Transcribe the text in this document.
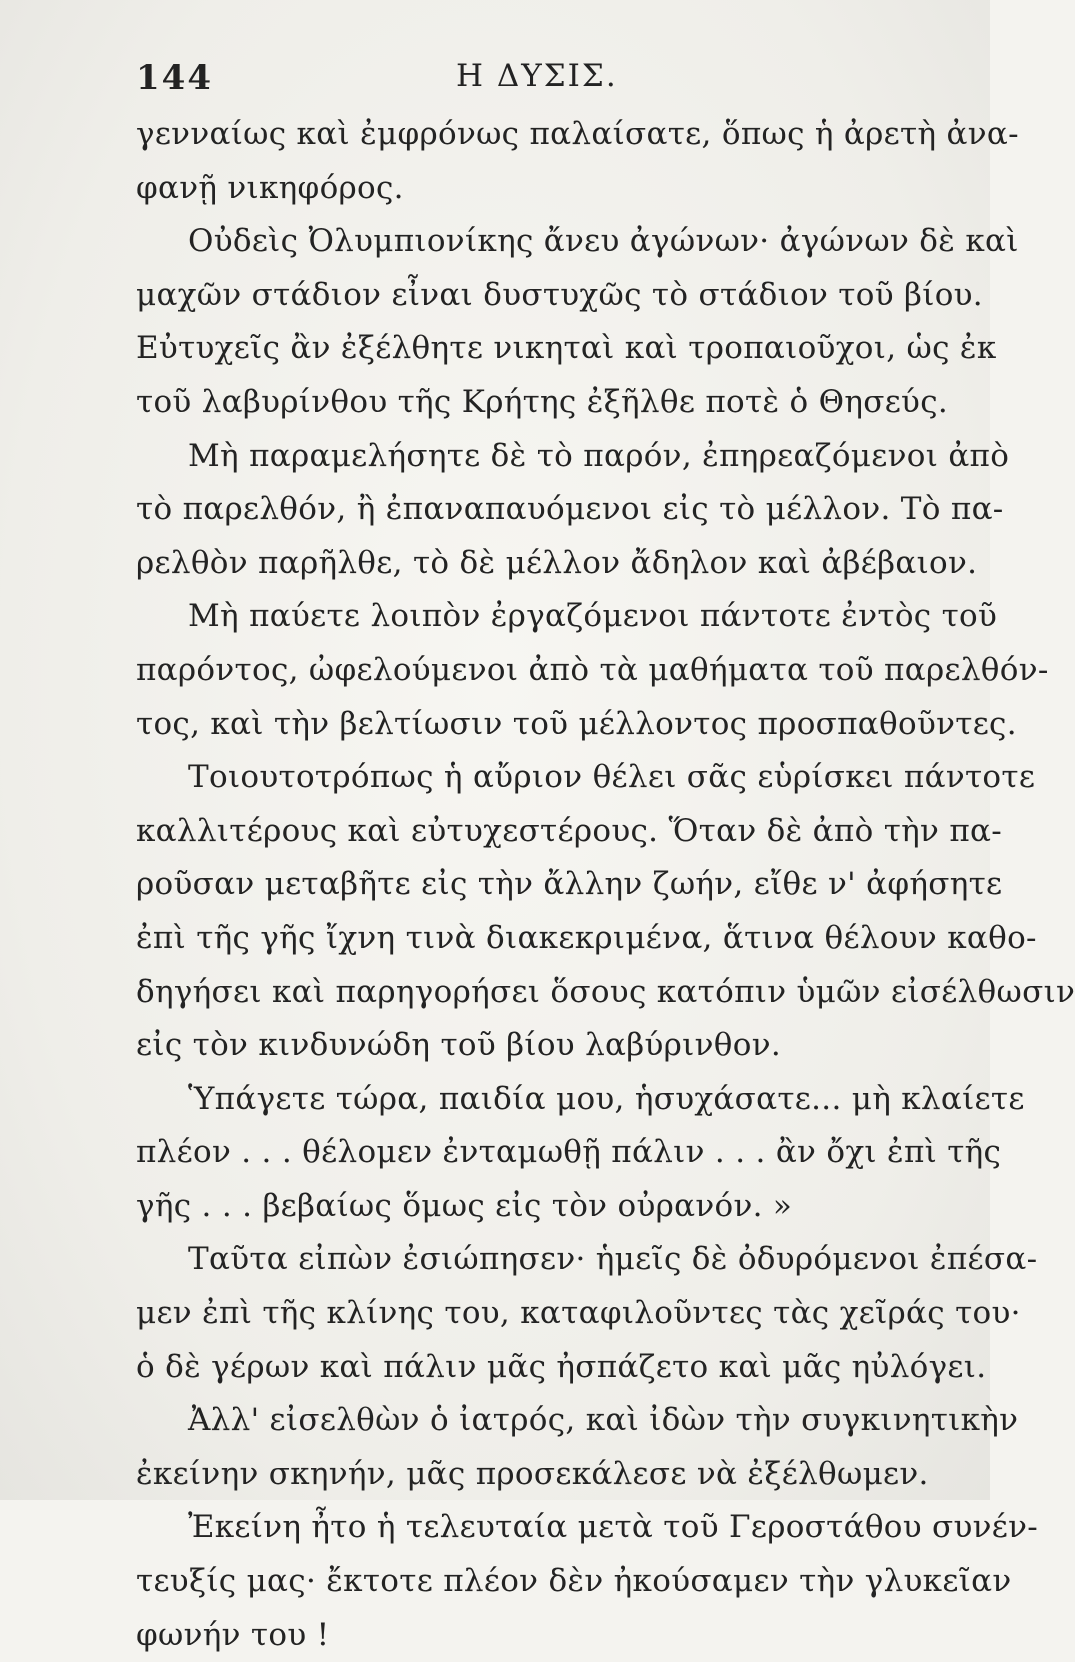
144	Η ΔΥΣΙΣ.
γενναίως καὶ ἐμφρόνως παλαίσατε, ὅπως ἡ ἀρετὴ ἀνα-
φανῇ νικηφόρος.
Οὐδεὶς Ὀλυμπιονίκης ἄνευ ἀγώνων· ἀγώνων δὲ καὶ
μαχῶν στάδιον εἶναι δυστυχῶς τὸ στάδιον τοῦ βίου.
Εὐτυχεῖς ἂν ἐξέλθητε νικηταὶ καὶ τροπαιοῦχοι, ὡς ἐκ
τοῦ λαβυρίνθου τῆς Κρήτης ἐξῆλθε ποτὲ ὁ Θησεύς.
Μὴ παραμελήσητε δὲ τὸ παρόν, ἐπηρεαζόμενοι ἀπὸ
τὸ παρελθόν, ἢ ἐπαναπαυόμενοι εἰς τὸ μέλλον. Τὸ πα-
ρελθὸν παρῆλθε, τὸ δὲ μέλλον ἄδηλον καὶ ἀβέβαιον.
Μὴ παύετε λοιπὸν ἐργαζόμενοι πάντοτε ἐντὸς τοῦ
παρόντος, ὠφελούμενοι ἀπὸ τὰ μαθήματα τοῦ παρελθόν-
τος, καὶ τὴν βελτίωσιν τοῦ μέλλοντος προσπαθοῦντες.
Τοιουτοτρόπως ἡ αὔριον θέλει σᾶς εὑρίσκει πάντοτε
καλλιτέρους καὶ εὐτυχεστέρους. Ὅταν δὲ ἀπὸ τὴν πα-
ροῦσαν μεταβῆτε εἰς τὴν ἄλλην ζωήν, εἴθε ν' ἀφήσητε
ἐπὶ τῆς γῆς ἴχνη τινὰ διακεκριμένα, ἅτινα θέλουν καθο-
δηγήσει καὶ παρηγορήσει ὅσους κατόπιν ὑμῶν εἰσέλθωσιν
εἰς τὸν κινδυνώδη τοῦ βίου λαβύρινθον.
Ὑπάγετε τώρα, παιδία μου, ἡσυχάσατε... μὴ κλαίετε
πλέον . . . θέλομεν ἐνταμωθῇ πάλιν . . . ἂν ὄχι ἐπὶ τῆς
γῆς . . . βεβαίως ὅμως εἰς τὸν οὐρανόν. »
Ταῦτα εἰπὼν ἐσιώπησεν· ἡμεῖς δὲ ὀδυρόμενοι ἐπέσα-
μεν ἐπὶ τῆς κλίνης του, καταφιλοῦντες τὰς χεῖράς του·
ὁ δὲ γέρων καὶ πάλιν μᾶς ἠσπάζετο καὶ μᾶς ηὐλόγει.
Ἀλλ' εἰσελθὼν ὁ ἰατρός, καὶ ἰδὼν τὴν συγκινητικὴν
ἐκείνην σκηνήν, μᾶς προσεκάλεσε νὰ ἐξέλθωμεν.
Ἐκείνη ἦτο ἡ τελευταία μετὰ τοῦ Γεροστάθου συνέν-
τευξίς μας· ἔκτοτε πλέον δὲν ἠκούσαμεν τὴν γλυκεῖαν
φωνήν του !
